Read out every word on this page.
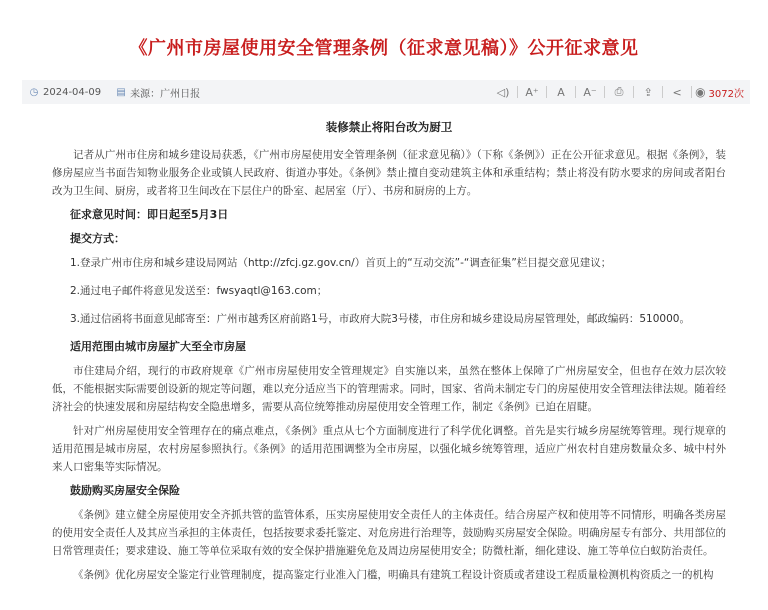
《广州市房屋使用安全管理条例（征求意见稿）》公开征求意见
◷ 2024-04-09 ▤ 来源：广州日报	◁)	A⁺	A	A⁻	⎙	⇪	<	◉ 3072次
装修禁止将阳台改为厨卫

记者从广州市住房和城乡建设局获悉，《广州市房屋使用安全管理条例（征求意见稿）》（下称《条例》）正在公开征求意见。根据《条例》，装修房屋应当书面告知物业服务企业或镇人民政府、街道办事处。《条例》禁止擅自变动建筑主体和承重结构；禁止将没有防水要求的房间或者阳台改为卫生间、厨房，或者将卫生间改在下层住户的卧室、起居室（厅）、书房和厨房的上方。

征求意见时间：即日起至5月3日
提交方式：
1.登录广州市住房和城乡建设局网站（http://zfcj.gz.gov.cn/）首页上的“互动交流”-“调查征集”栏目提交意见建议；
2.通过电子邮件将意见发送至：fwsyaqtl@163.com；
3.通过信函将书面意见邮寄至：广州市越秀区府前路1号，市政府大院3号楼，市住房和城乡建设局房屋管理处，邮政编码：510000。
适用范围由城市房屋扩大至全市房屋

市住建局介绍，现行的市政府规章《广州市房屋使用安全管理规定》自实施以来，虽然在整体上保障了广州房屋安全，但也存在效力层次较低，不能根据实际需要创设新的规定等问题，难以充分适应当下的管理需求。同时，国家、省尚未制定专门的房屋使用安全管理法律法规。随着经济社会的快速发展和房屋结构安全隐患增多，需要从高位统筹推动房屋使用安全管理工作，制定《条例》已迫在眉睫。

针对广州房屋使用安全管理存在的痛点难点，《条例》重点从七个方面制度进行了科学优化调整。首先是实行城乡房屋统筹管理。现行规章的适用范围是城市房屋，农村房屋参照执行。《条例》的适用范围调整为全市房屋，以强化城乡统筹管理，适应广州农村自建房数量众多、城中村外来人口密集等实际情况。

鼓励购买房屋安全保险

《条例》建立健全房屋使用安全齐抓共管的监管体系，压实房屋使用安全责任人的主体责任。结合房屋产权和使用等不同情形，明确各类房屋的使用安全责任人及其应当承担的主体责任，包括按要求委托鉴定、对危房进行治理等，鼓励购买房屋安全保险。明确房屋专有部分、共用部位的日常管理责任；要求建设、施工等单位采取有效的安全保护措施避免危及周边房屋使用安全；防微杜渐，细化建设、施工等单位白蚁防治责任。

《条例》优化房屋安全鉴定行业管理制度，提高鉴定行业准入门槛，明确具有建筑工程设计资质或者建设工程质量检测机构资质之一的机构
